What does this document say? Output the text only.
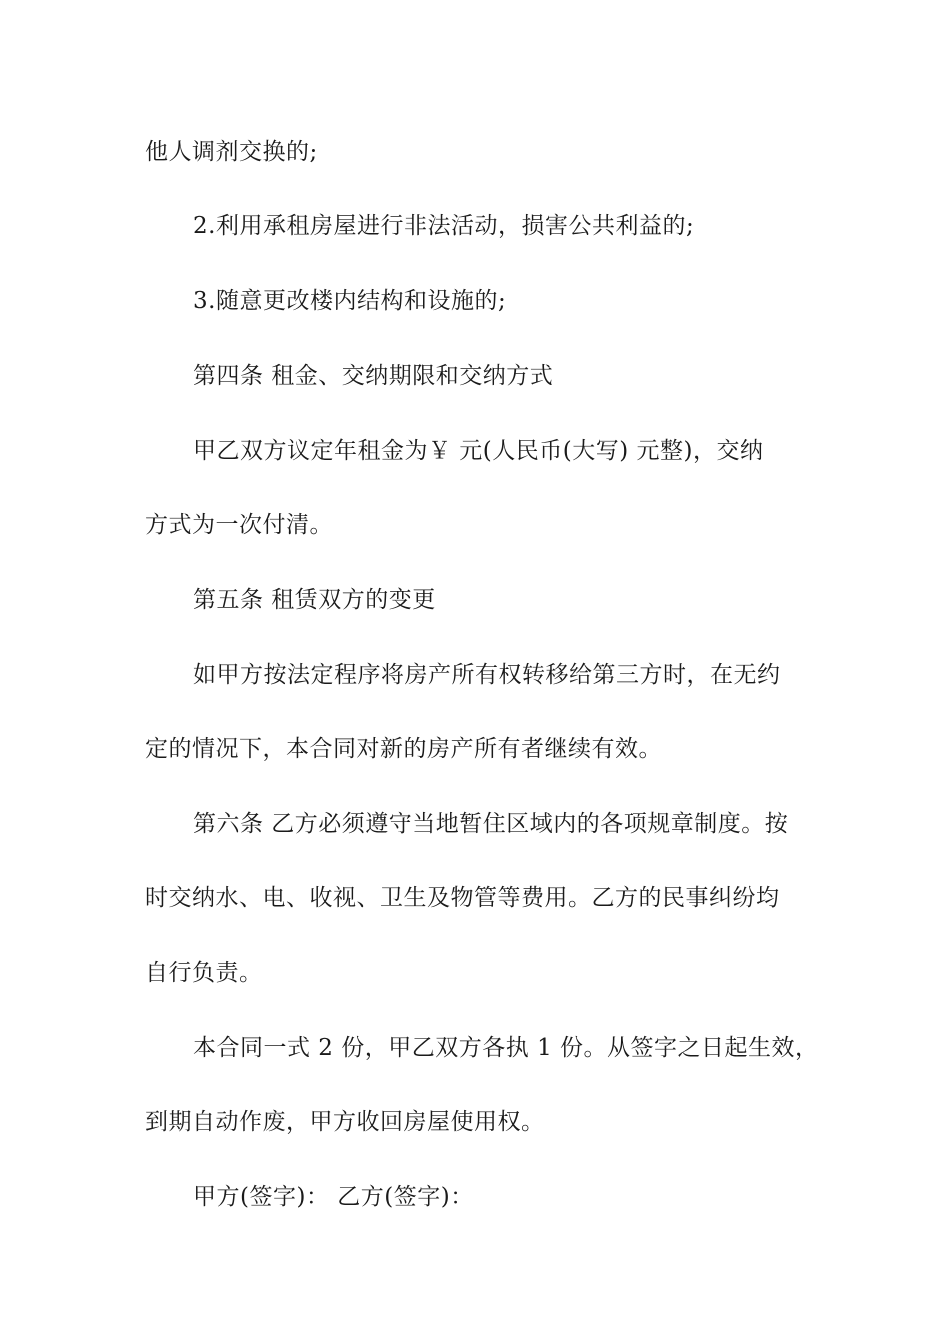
他人调剂交换的;
2.利用承租房屋进行非法活动，损害公共利益的;
3.随意更改楼内结构和设施的;
第四条 租金、交纳期限和交纳方式
甲乙双方议定年租金为￥ 元(人民币(大写) 元整)，交纳
方式为一次付清。
第五条 租赁双方的变更
如甲方按法定程序将房产所有权转移给第三方时，在无约
定的情况下，本合同对新的房产所有者继续有效。
第六条 乙方必须遵守当地暂住区域内的各项规章制度。按
时交纳水、电、收视、卫生及物管等费用。乙方的民事纠纷均
自行负责。
本合同一式 2 份，甲乙双方各执 1 份。从签字之日起生效，
到期自动作废，甲方收回房屋使用权。
甲方(签字)： 乙方(签字)：
